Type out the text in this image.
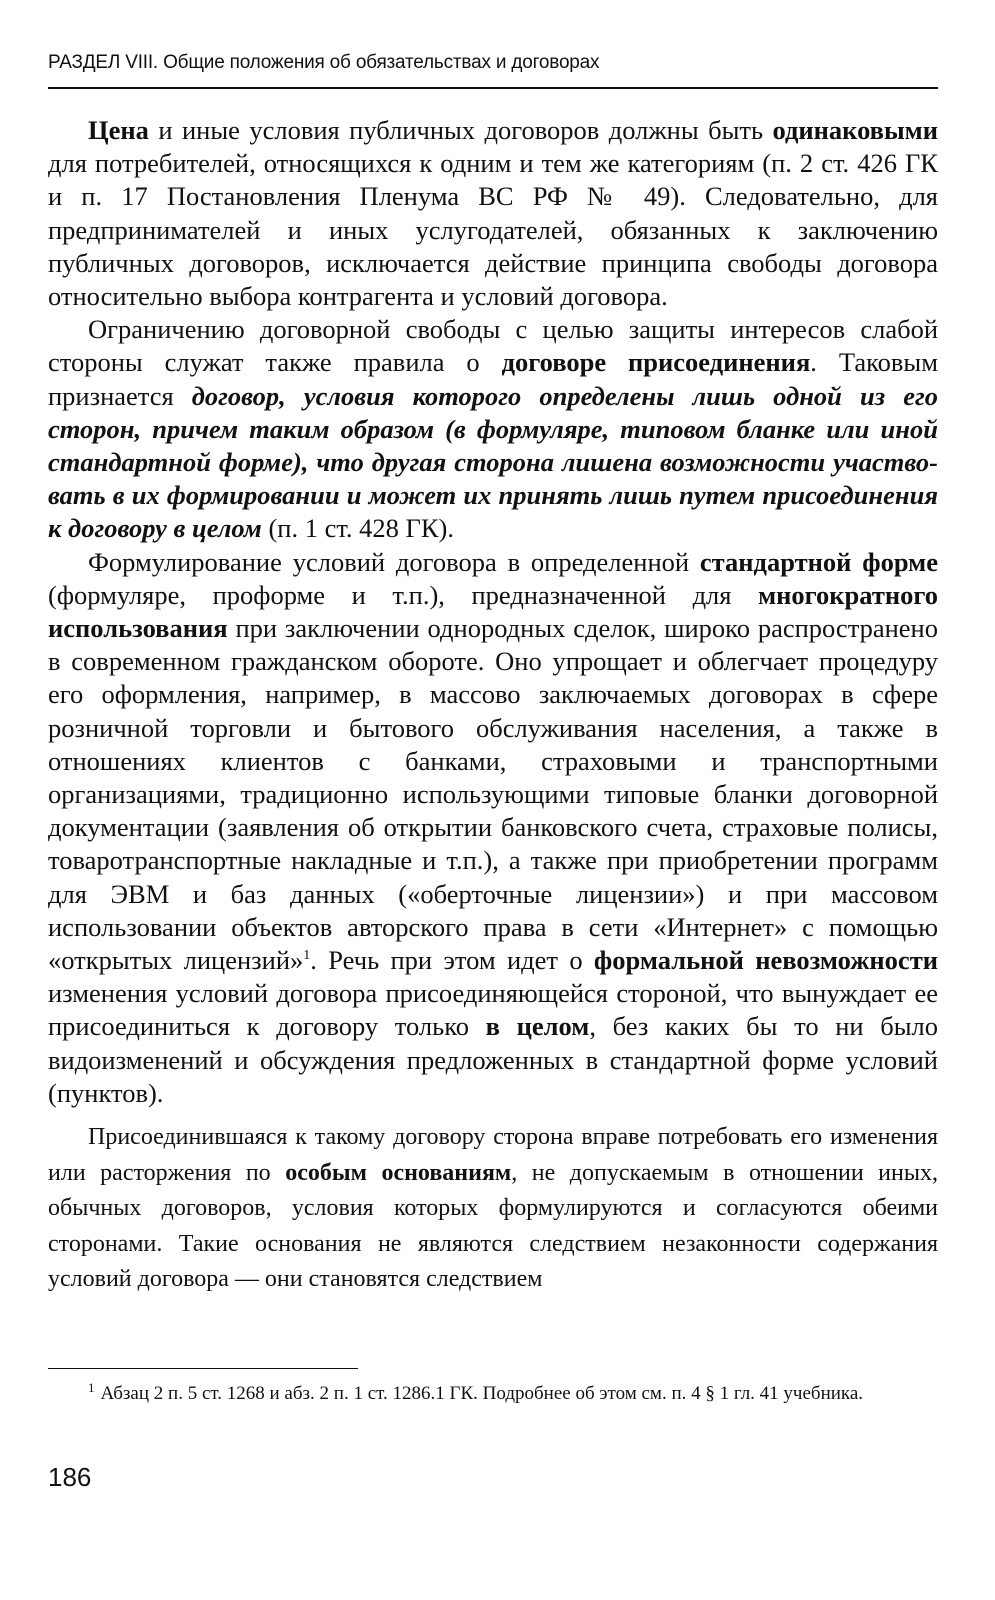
РАЗДЕЛ VIII. Общие положения об обязательствах и договорах

Цена и иные условия публичных договоров должны быть одинаковыми для потребителей, относящихся к одним и тем же категориям (п. 2 ст. 426 ГК и п. 17 Постановления Пленума ВС РФ № 49). Следовательно, для предпринимателей и иных услугодателей, обязанных к заключению публичных договоров, исключается действие принципа свободы договора относительно выбора контрагента и условий договора.

Ограничению договорной свободы с целью защиты интересов слабой стороны служат также правила о договоре присоединения. Таковым признается договор, условия которого определены лишь одной из его сторон, причем таким образом (в формуляре, типовом бланке или иной стандартной форме), что другая сторона лишена возможности участвовать в их формировании и может их принять лишь путем присоединения к договору в целом (п. 1 ст. 428 ГК).

Формулирование условий договора в определенной стандартной форме (формуляре, проформе и т.п.), предназначенной для многократного использования при заключении однородных сделок, широко распространено в современном гражданском обороте. Оно упрощает и облегчает процедуру его оформления, например, в массово заключаемых договорах в сфере розничной торговли и бытового обслуживания населения, а также в отношениях клиентов с банками, страховыми и транспортными организациями, традиционно использующими типовые бланки договорной документации (заявления об открытии банковского счета, страховые полисы, товаротранспортные накладные и т.п.), а также при приобретении программ для ЭВМ и баз данных («оберточные лицензии») и при массовом использовании объектов авторского права в сети «Интернет» с помощью «открытых лицензий»$^1$. Речь при этом идет о формальной невозможности изменения условий договора присоединяющейся стороной, что вынуждает ее присоединиться к договору только в целом, без каких бы то ни было видоизменений и обсуждения предложенных в стандартной форме условий (пунктов).

Присоединившаяся к такому договору сторона вправе потребовать его изменения или расторжения по особым основаниям, не допускаемым в отношении иных, обычных договоров, условия которых формулируются и согласуются обеими сторонами. Такие основания не являются следствием незаконности содержания условий договора — они становятся следствием

1 Абзац 2 п. 5 ст. 1268 и абз. 2 п. 1 ст. 1286.1 ГК. Подробнее об этом см. п. 4 § 1 гл. 41 учебника.
186
